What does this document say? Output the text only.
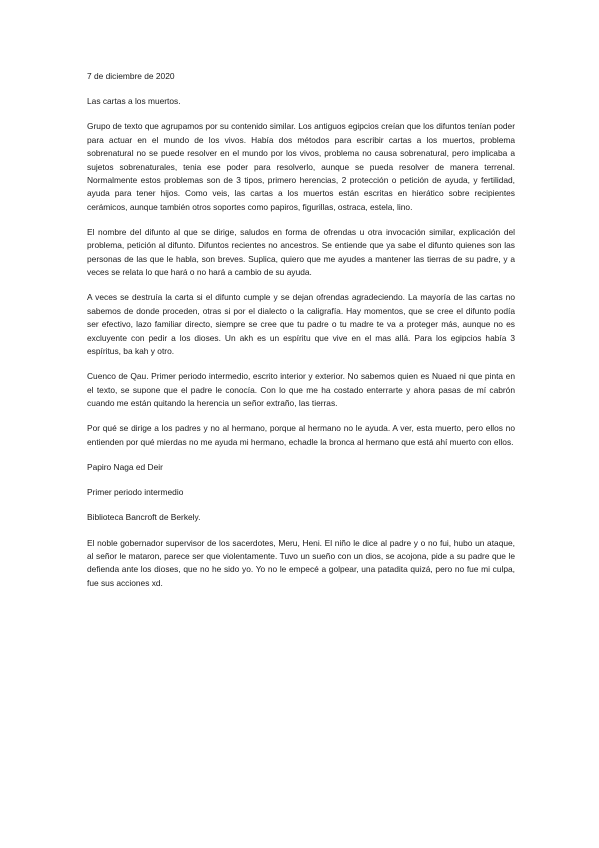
7 de diciembre de 2020

Las cartas a los muertos.

Grupo de texto que agrupamos por su contenido similar. Los antiguos egipcios creían que los difuntos tenían poder para actuar en el mundo de los vivos. Había dos métodos para escribir cartas a los muertos, problema sobrenatural no se puede resolver en el mundo por los vivos, problema no causa sobrenatural, pero implicaba a sujetos sobrenaturales, tenia ese poder para resolverlo, aunque se pueda resolver de manera terrenal. Normalmente estos problemas son de 3 tipos, primero herencias, 2 protección o petición de ayuda, y fertilidad, ayuda para tener hijos. Como veis, las cartas a los muertos están escritas en hierático sobre recipientes cerámicos, aunque también otros soportes como papiros, figurillas, ostraca, estela, lino.

El nombre del difunto al que se dirige, saludos en forma de ofrendas u otra invocación similar, explicación del problema, petición al difunto. Difuntos recientes no ancestros. Se entiende que ya sabe el difunto quienes son las personas de las que le habla, son breves. Suplica, quiero que me ayudes a mantener las tierras de su padre, y a veces se relata lo que hará o no hará a cambio de su ayuda.

A veces se destruía la carta si el difunto cumple y se dejan ofrendas agradeciendo. La mayoría de las cartas no sabemos de donde proceden, otras si por el dialecto o la caligrafía. Hay momentos, que se cree el difunto podía ser efectivo, lazo familiar directo, siempre se cree que tu padre o tu madre te va a proteger más, aunque no es excluyente con pedir a los dioses. Un akh es un espíritu que vive en el mas allá. Para los egipcios había 3 espíritus, ba kah y otro.

Cuenco de Qau. Primer periodo intermedio, escrito interior y exterior. No sabemos quien es Nuaed ni que pinta en el texto, se supone que el padre le conocía. Con lo que me ha costado enterrarte y ahora pasas de mí cabrón cuando me están quitando la herencia un señor extraño, las tierras.

Por qué se dirige a los padres y no al hermano, porque al hermano no le ayuda. A ver, esta muerto, pero ellos no entienden por qué mierdas no me ayuda mi hermano, echadle la bronca al hermano que está ahí muerto con ellos.

Papiro Naga ed Deir

Primer periodo intermedio

Biblioteca Bancroft de Berkely.

El noble gobernador supervisor de los sacerdotes, Meru, Heni. El niño le dice al padre y o no fui, hubo un ataque, al señor le mataron, parece ser que violentamente. Tuvo un sueño con un dios, se acojona, pide a su padre que le defienda ante los dioses, que no he sido yo. Yo no le empecé a golpear, una patadita quizá, pero no fue mi culpa, fue sus acciones xd.
